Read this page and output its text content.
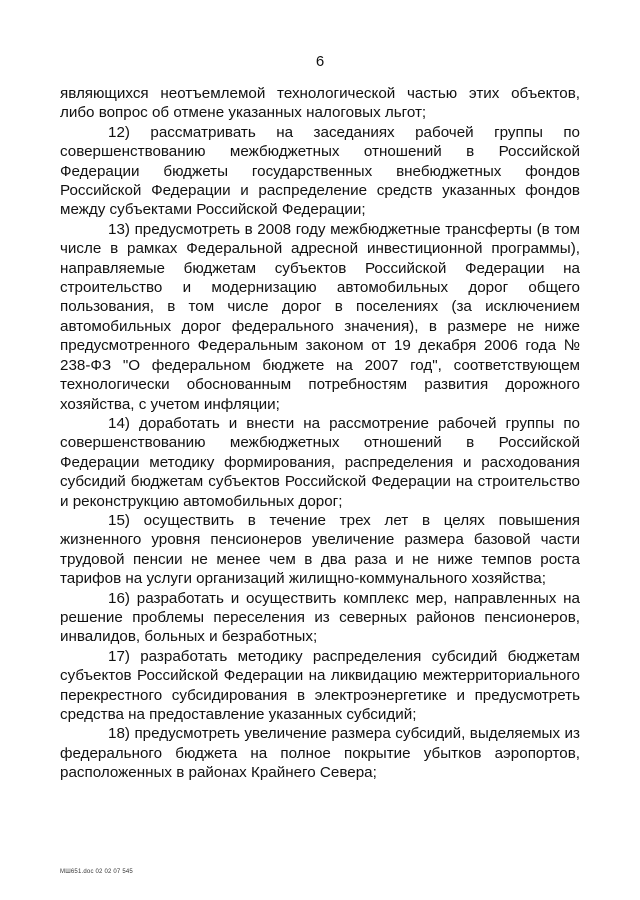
6

являющихся неотъемлемой технологической частью этих объектов, либо вопрос об отмене указанных налоговых льгот;

12) рассматривать на заседаниях рабочей группы по совершенствованию межбюджетных отношений в Российской Федерации бюджеты государственных внебюджетных фондов Российской Федерации и распределение средств указанных фондов между субъектами Российской Федерации;

13) предусмотреть в 2008 году межбюджетные трансферты (в том числе в рамках Федеральной адресной инвестиционной программы), направляемые бюджетам субъектов Российской Федерации на строительство и модернизацию автомобильных дорог общего пользования, в том числе дорог в поселениях (за исключением автомобильных дорог федерального значения), в размере не ниже предусмотренного Федеральным законом от 19 декабря 2006 года № 238-ФЗ "О федеральном бюджете на 2007 год", соответствующем технологически обоснованным потребностям развития дорожного хозяйства, с учетом инфляции;

14) доработать и внести на рассмотрение рабочей группы по совершенствованию межбюджетных отношений в Российской Федерации методику формирования, распределения и расходования субсидий бюджетам субъектов Российской Федерации на строительство и реконструкцию автомобильных дорог;

15) осуществить в течение трех лет в целях повышения жизненного уровня пенсионеров увеличение размера базовой части трудовой пенсии не менее чем в два раза и не ниже темпов роста тарифов на услуги организаций жилищно-коммунального хозяйства;

16) разработать и осуществить комплекс мер, направленных на решение проблемы переселения из северных районов пенсионеров, инвалидов, больных и безработных;

17) разработать методику распределения субсидий бюджетам субъектов Российской Федерации на ликвидацию межтерриториального перекрестного субсидирования в электроэнергетике и предусмотреть средства на предоставление указанных субсидий;

18) предусмотреть увеличение размера субсидий, выделяемых из федерального бюджета на полное покрытие убытков аэропортов, расположенных в районах Крайнего Севера;

МШ651.doc 02 02 07 545
